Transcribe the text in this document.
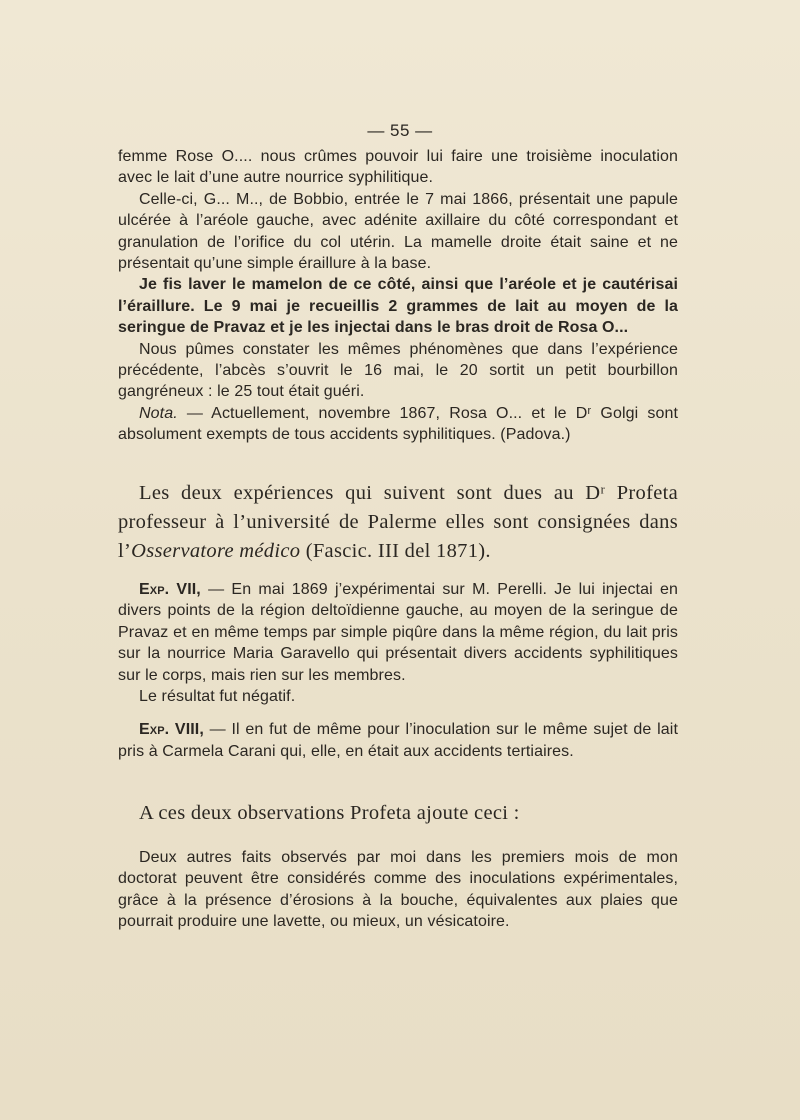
— 55 —

femme Rose O.... nous crûmes pouvoir lui faire une troisième inoculation avec le lait d’une autre nourrice syphilitique.

Celle-ci, G... M.., de Bobbio, entrée le 7 mai 1866, présentait une papule ulcérée à l’aréole gauche, avec adénite axillaire du côté correspondant et granulation de l’orifice du col utérin. La mamelle droite était saine et ne présentait qu’une simple éraillure à la base.

Je fis laver le mamelon de ce côté, ainsi que l’aréole et je cautérisai l’éraillure. Le 9 mai je recueillis 2 grammes de lait au moyen de la seringue de Pravaz et je les injectai dans le bras droit de Rosa O...

Nous pûmes constater les mêmes phénomènes que dans l’expérience précédente, l’abcès s’ouvrit le 16 mai, le 20 sortit un petit bourbillon gangréneux : le 25 tout était guéri.

Nota. — Actuellement, novembre 1867, Rosa O... et le Dʳ Golgi sont absolument exempts de tous accidents syphilitiques. (Padova.)

Les deux expériences qui suivent sont dues au Dʳ Profeta professeur à l’université de Palerme elles sont consignées dans l’Osservatore médico (Fascic. III del 1871).

Exp. VII, — En mai 1869 j’expérimentai sur M. Perelli. Je lui injectai en divers points de la région deltoïdienne gauche, au moyen de la seringue de Pravaz et en même temps par simple piqûre dans la même région, du lait pris sur la nourrice Maria Garavello qui présentait divers accidents syphilitiques sur le corps, mais rien sur les membres.

Le résultat fut négatif.

Exp. VIII, — Il en fut de même pour l’inoculation sur le même sujet de lait pris à Carmela Carani qui, elle, en était aux accidents tertiaires.

A ces deux observations Profeta ajoute ceci :

Deux autres faits observés par moi dans les premiers mois de mon doctorat peuvent être considérés comme des inoculations expérimentales, grâce à la présence d’érosions à la bouche, équivalentes aux plaies que pourrait produire une lavette, ou mieux, un vésicatoire.
